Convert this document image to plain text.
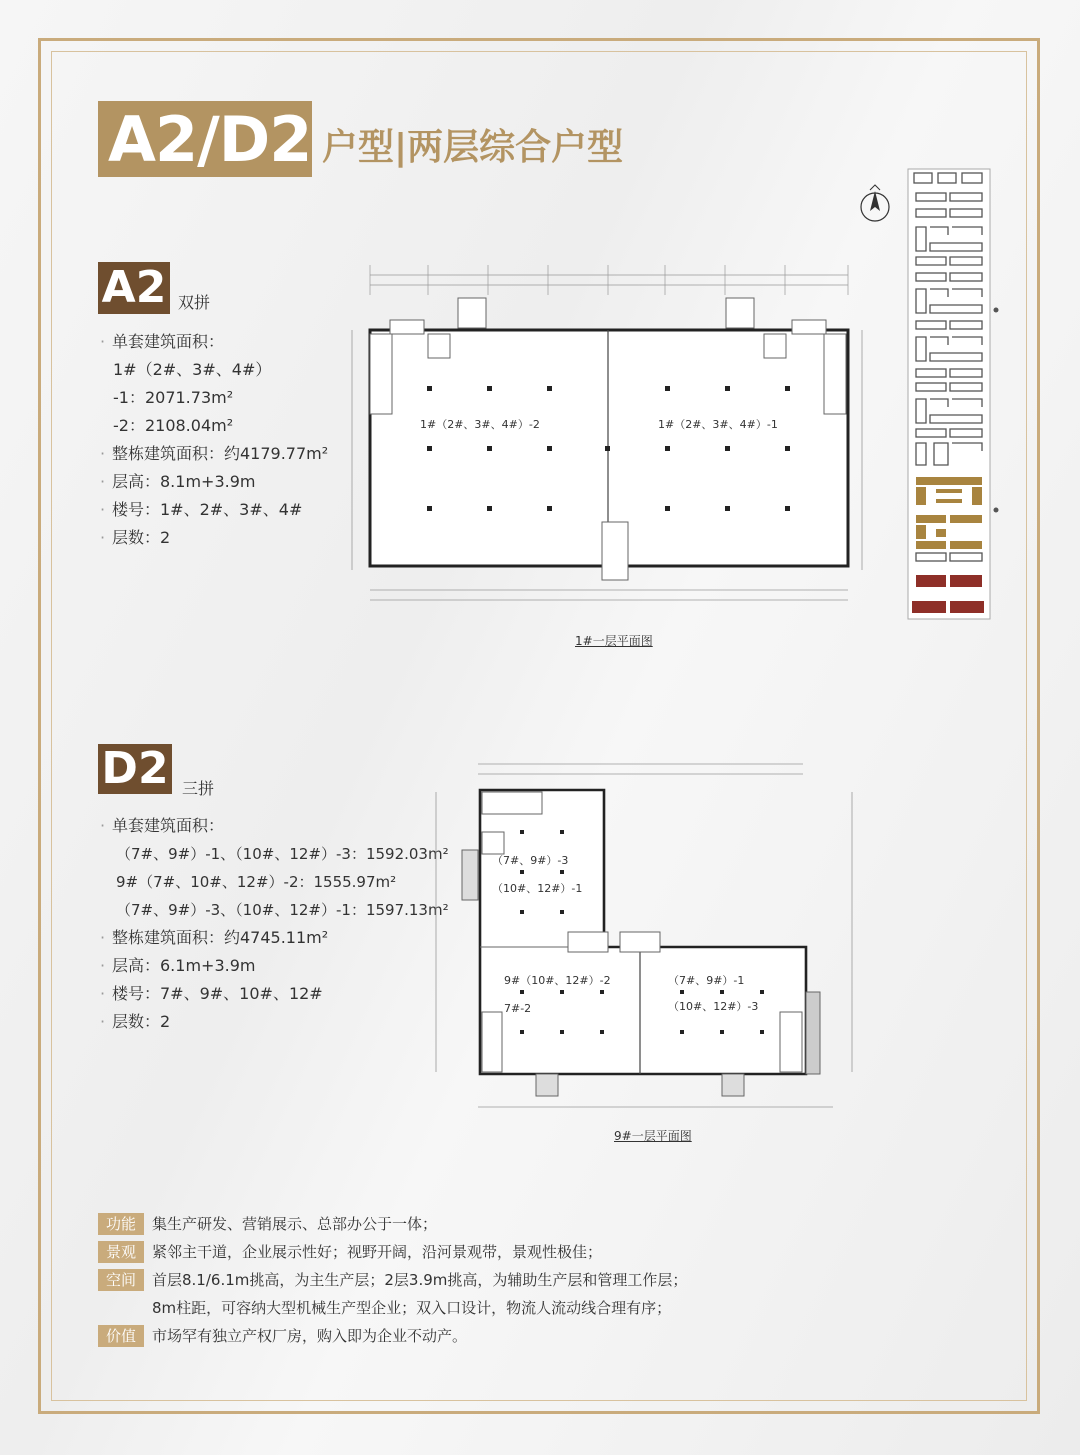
A2/D2 户型|两层综合户型
A2 双拼
· 单套建筑面积：
1#（2#、3#、4#）
-1：2071.73m²
-2：2108.04m²
· 整栋建筑面积：约4179.77m²
· 层高：8.1m+3.9m
· 楼号：1#、2#、3#、4#
· 层数：2
1#（2#、3#、4#）-2	1#（2#、3#、4#）-1
1#一层平面图
D2 三拼
· 单套建筑面积：
（7#、9#）-1、（10#、12#）-3：1592.03m²
9#（7#、10#、12#）-2：1555.97m²
（7#、9#）-3、（10#、12#）-1：1597.13m²
· 整栋建筑面积：约4745.11m²
· 层高：6.1m+3.9m
· 楼号：7#、9#、10#、12#
· 层数：2
（7#、9#）-3
（10#、12#）-1
9#（10#、12#）-2
7#-2
（7#、9#）-1
（10#、12#）-3
9#一层平面图
功能	集生产研发、营销展示、总部办公于一体；
景观	紧邻主干道，企业展示性好；视野开阔，沿河景观带，景观性极佳；
空间	首层8.1/6.1m挑高，为主生产层；2层3.9m挑高，为辅助生产层和管理工作层；
8m柱距，可容纳大型机械生产型企业；双入口设计，物流人流动线合理有序；
价值	市场罕有独立产权厂房，购入即为企业不动产。
